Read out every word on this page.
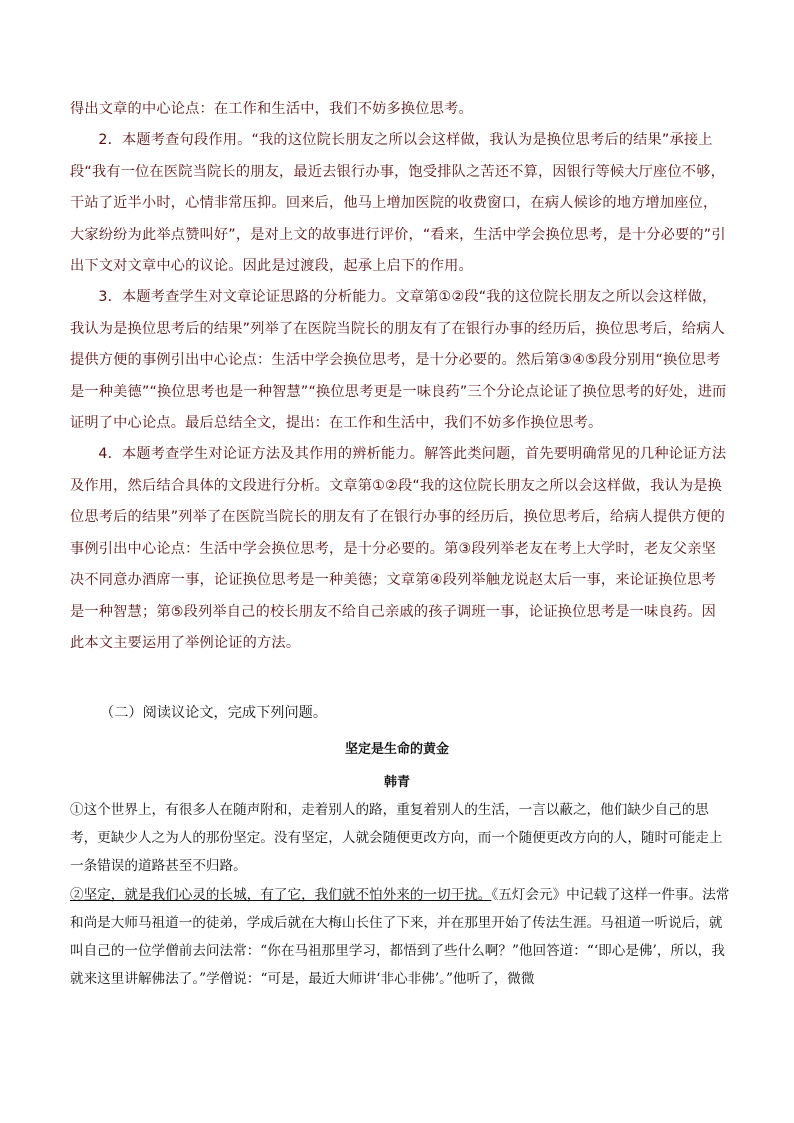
得出文章的中心论点：在工作和生活中，我们不妨多换位思考。

2．本题考查句段作用。“我的这位院长朋友之所以会这样做，我认为是换位思考后的结果”承接上段“我有一位在医院当院长的朋友，最近去银行办事，饱受排队之苦还不算，因银行等候大厅座位不够，干站了近半小时，心情非常压抑。回来后，他马上增加医院的收费窗口，在病人候诊的地方增加座位，大家纷纷为此举点赞叫好”，是对上文的故事进行评价，“看来，生活中学会换位思考，是十分必要的”引出下文对文章中心的议论。因此是过渡段，起承上启下的作用。

3．本题考查学生对文章论证思路的分析能力。文章第①②段“我的这位院长朋友之所以会这样做，我认为是换位思考后的结果”列举了在医院当院长的朋友有了在银行办事的经历后，换位思考后，给病人提供方便的事例引出中心论点：生活中学会换位思考，是十分必要的。然后第③④⑤段分别用“换位思考是一种美德”“换位思考也是一种智慧”“换位思考更是一味良药”三个分论点论证了换位思考的好处，进而证明了中心论点。最后总结全文，提出：在工作和生活中，我们不妨多作换位思考。

4．本题考查学生对论证方法及其作用的辨析能力。解答此类问题，首先要明确常见的几种论证方法及作用，然后结合具体的文段进行分析。文章第①②段“我的这位院长朋友之所以会这样做，我认为是换位思考后的结果”列举了在医院当院长的朋友有了在银行办事的经历后，换位思考后，给病人提供方便的事例引出中心论点：生活中学会换位思考，是十分必要的。第③段列举老友在考上大学时，老友父亲坚决不同意办酒席一事，论证换位思考是一种美德；文章第④段列举触龙说赵太后一事，来论证换位思考是一种智慧；第⑤段列举自己的校长朋友不给自己亲戚的孩子调班一事，论证换位思考是一味良药。因此本文主要运用了举例论证的方法。

（二）阅读议论文，完成下列问题。
坚定是生命的黄金
韩青

①这个世界上，有很多人在随声附和，走着别人的路，重复着别人的生活，一言以蔽之，他们缺少自己的思考，更缺少人之为人的那份坚定。没有坚定，人就会随便更改方向，而一个随便更改方向的人，随时可能走上一条错误的道路甚至不归路。

②坚定，就是我们心灵的长城，有了它，我们就不怕外来的一切干扰。《五灯会元》中记载了这样一件事。法常和尚是大师马祖道一的徒弟，学成后就在大梅山长住了下来，并在那里开始了传法生涯。马祖道一听说后，就叫自己的一位学僧前去问法常：“你在马祖那里学习，都悟到了些什么啊？”他回答道：“‘即心是佛’，所以，我就来这里讲解佛法了。”学僧说：“可是，最近大师讲‘非心非佛’。”他听了，微微
